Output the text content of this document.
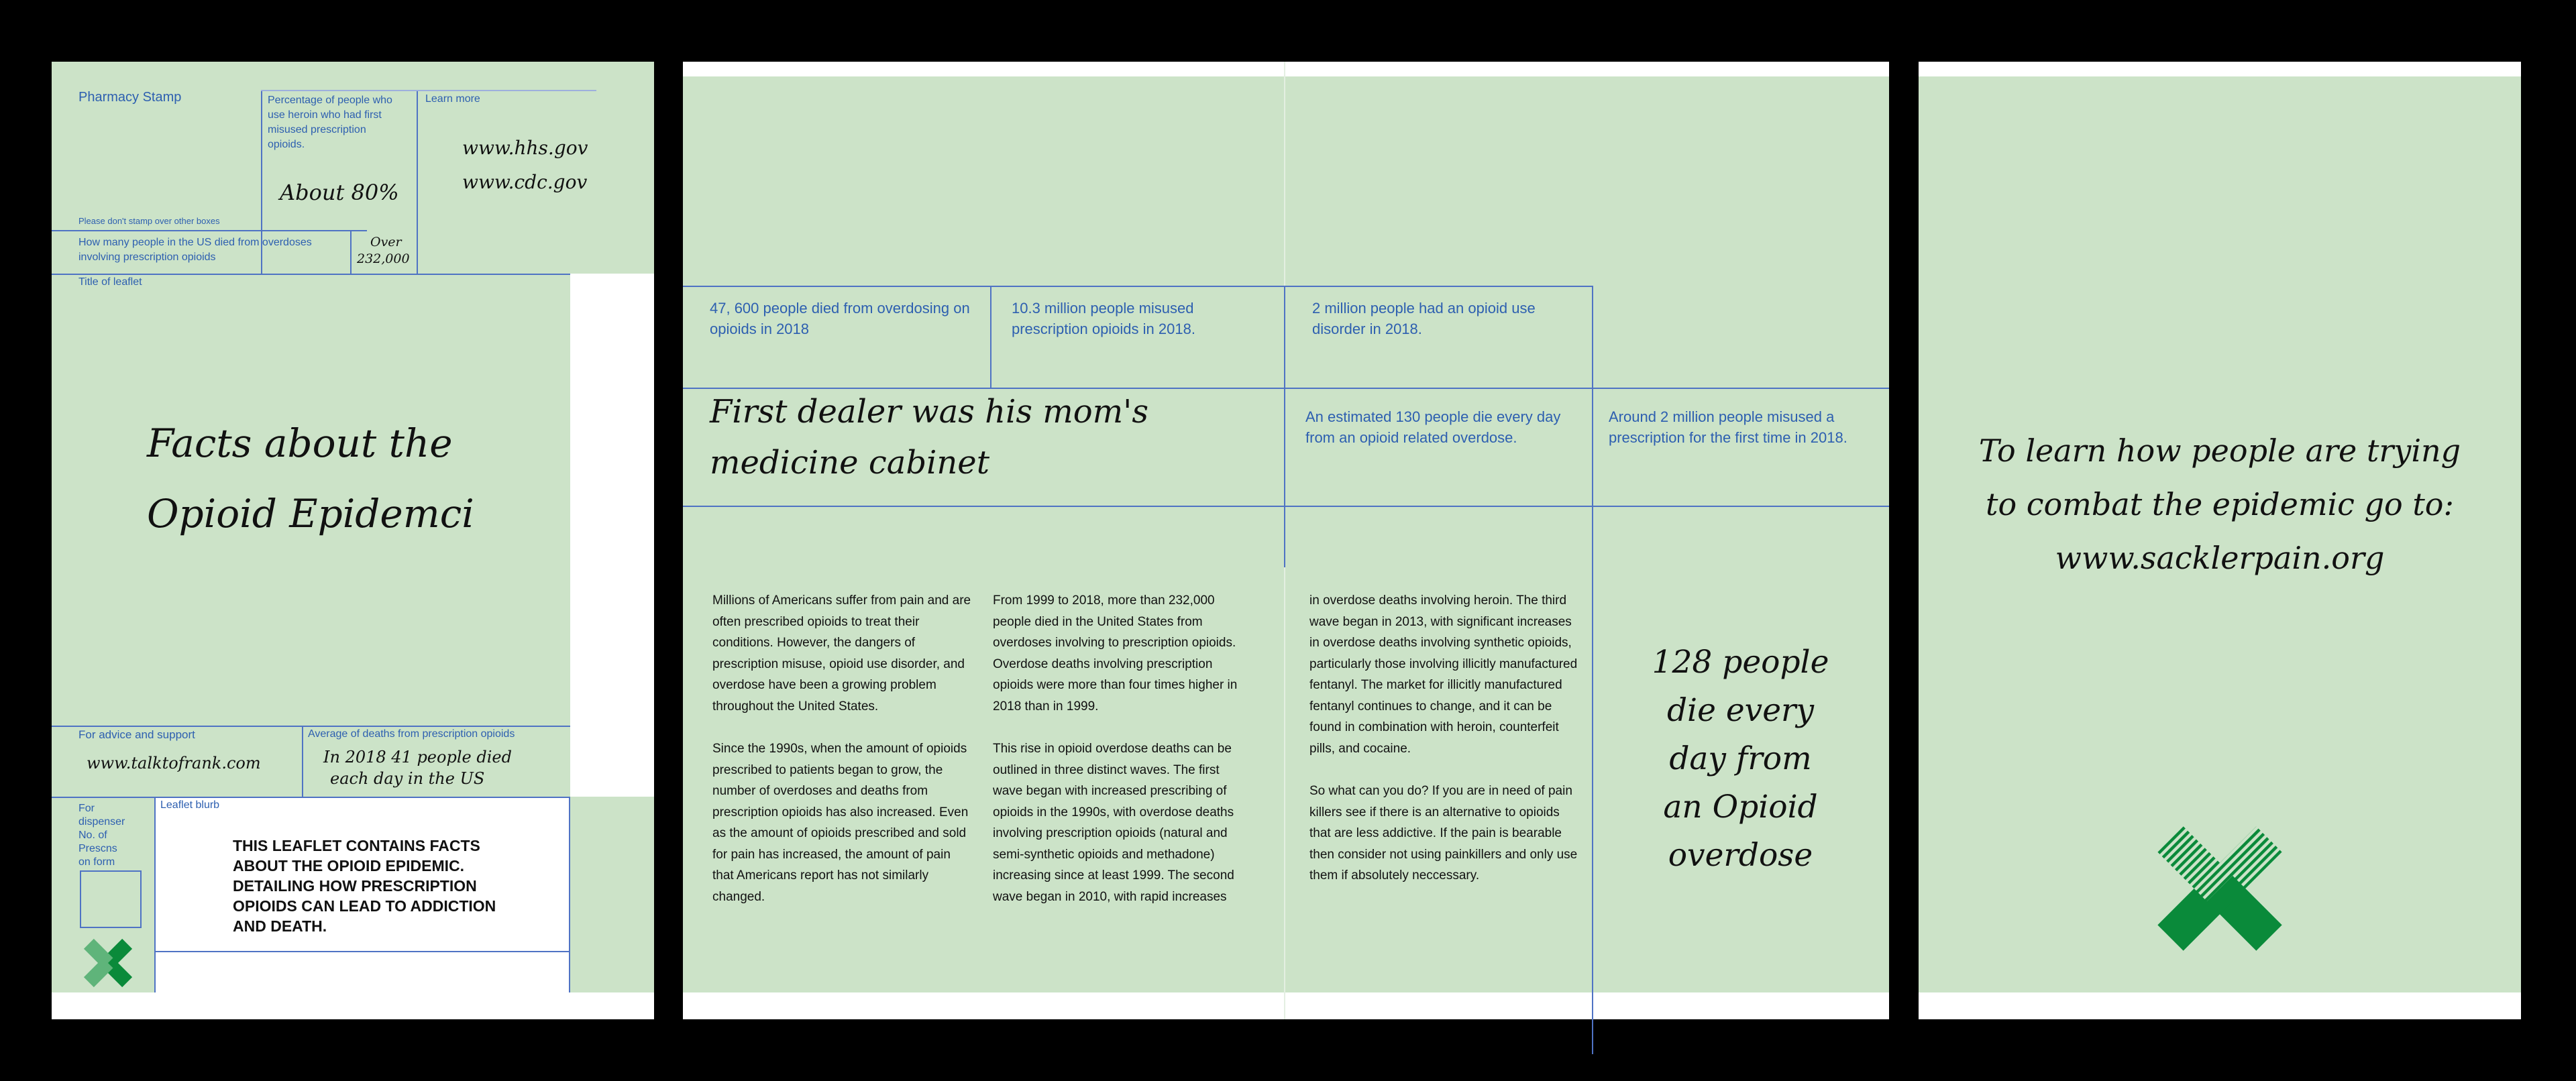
Pharmacy Stamp	Percentage of people who use heroin who had first misused prescription opioids.
About 80%
Learn more
www.hhs.gov
www.cdc.gov
Please don't stamp over other boxes
How many people in the US died from overdoses involving prescription opioids
Over
232,000
Title of leaflet
Facts about the
Opioid Epidemci
For advice and support
www.talktofrank.com
Average of deaths from prescription opioids
In 2018 41 people died
each day in the US
For
dispenser
No. of
Prescns
on form
Leaflet blurb
THIS LEAFLET CONTAINS FACTS ABOUT THE OPIOID EPIDEMIC. DETAILING HOW PRESCRIPTION OPIOIDS CAN LEAD TO ADDICTION AND DEATH.
47, 600 people died from overdosing on opioids in 2018
10.3 million people misused prescription opioids in 2018.
2 million people had an opioid use disorder in 2018.
First dealer was his mom's
medicine cabinet
An estimated 130 people die every day from an opioid related overdose.
Around 2 million people misused a prescription for the first time in 2018.

Millions of Americans suffer from pain and are often prescribed opioids to treat their conditions. However, the dangers of prescription misuse, opioid use disorder, and overdose have been a growing problem throughout the United States.

Since the 1990s, when the amount of opioids prescribed to patients began to grow, the number of overdoses and deaths from prescription opioids has also increased. Even as the amount of opioids prescribed and sold for pain has increased, the amount of pain that Americans report has not similarly changed.

From 1999 to 2018, more than 232,000 people died in the United States from overdoses involving to prescription opioids. Overdose deaths involving prescription opioids were more than four times higher in 2018 than in 1999.

This rise in opioid overdose deaths can be outlined in three distinct waves. The first wave began with increased prescribing of opioids in the 1990s, with overdose deaths involving prescription opioids (natural and semi-synthetic opioids and methadone) increasing since at least 1999. The second wave began in 2010, with rapid increases

in overdose deaths involving heroin. The third wave began in 2013, with significant increases in overdose deaths involving synthetic opioids, particularly those involving illicitly manufactured fentanyl. The market for illicitly manufactured fentanyl continues to change, and it can be found in combination with heroin, counterfeit pills, and cocaine.

So what can you do? If you are in need of pain killers see if there is an alternative to opioids that are less addictive. If the pain is bearable then consider not using painkillers and only use them if absolutely neccessary.

128 people
die every
day from
an Opioid
overdose
To learn how people are trying
to combat the epidemic go to:
www.sacklerpain.org
